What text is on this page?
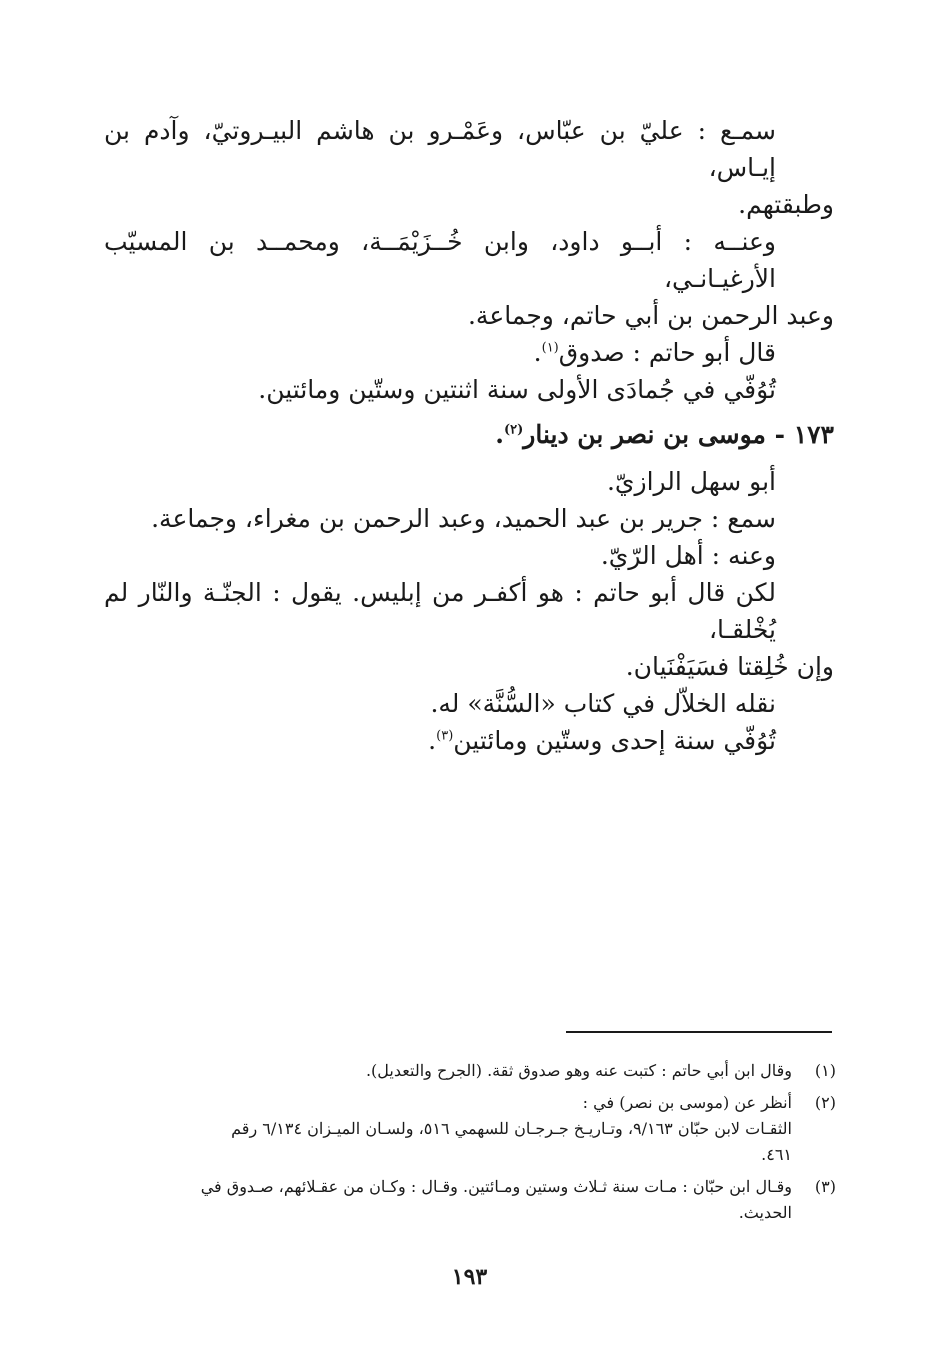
سمـع : عليّ بن عبّاس، وعَمْـرو بن هاشم البيـروتيّ، وآدم بن إيـاس،

وطبقتهم.

وعنــه : أبــو داود، وابن خُــزَيْمَــة، ومحمــد بن المسيّب الأرغيـانـي،

وعبد الرحمن بن أبي حاتم، وجماعة.

قال أبو حاتم : صدوق$^{(١)}$.

تُوُفّي في جُمادَى الأولى سنة اثنتين وستّين ومائتين.

١٧٣ - موسى بن نصر بن دينار$^{(٢)}$.

أبو سهل الرازيّ.

سمع : جرير بن عبد الحميد، وعبد الرحمن بن مغراء، وجماعة.

وعنه : أهل الرّيّ.

لكن قال أبو حاتم : هو أكفـر من إبليس. يقول : الجنّـة والنّار لم يُخْلقـا،

وإن خُلِقتا فسَيَفْنَيان.

نقله الخلاّل في كتاب «السُّنَّة» له.

تُوُفّي سنة إحدى وستّين ومائتين$^{(٣)}$.

(١)

وقال ابن أبي حاتم : كتبت عنه وهو صدوق ثقة. (الجرح والتعديل).

(٢)

أنظر عن (موسى بن نصر) في :

الثقـات لابن حبّان ٩/١٦٣، وتـاريـخ جـرجـان للسهمي ٥١٦، ولسـان الميـزان ٦/١٣٤ رقم

٤٦١.

(٣)

وقـال ابن حبّان : مـات سنة ثـلاث وستين ومـائتين. وقـال : وكـان من عقـلائهم، صـدوق في

الحديث.

١٩٣
